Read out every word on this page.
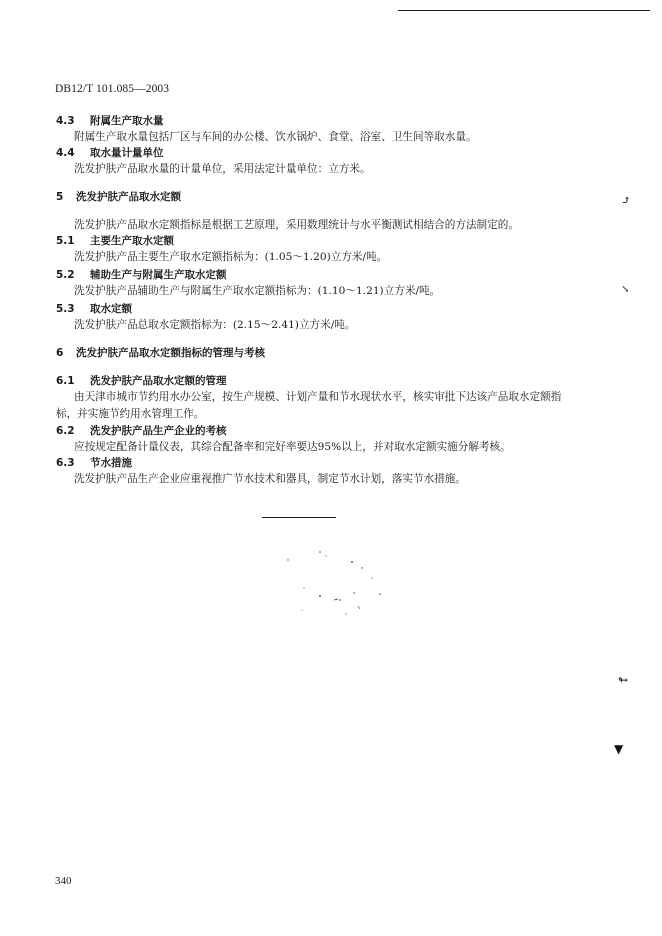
DB12/T 101.085—2003
4.3 附属生产取水量
附属生产取水量包括厂区与车间的办公楼、饮水锅炉、食堂、浴室、卫生间等取水量。
4.4 取水量计量单位
洗发护肤产品取水量的计量单位，采用法定计量单位：立方米。
5 洗发护肤产品取水定额
洗发护肤产品取水定额指标是根据工艺原理，采用数理统计与水平衡测试相结合的方法制定的。
5.1 主要生产取水定额
洗发护肤产品主要生产取水定额指标为：(1.05～1.20)立方米/吨。
5.2 辅助生产与附属生产取水定额
洗发护肤产品辅助生产与附属生产取水定额指标为：(1.10～1.21)立方米/吨。
5.3 取水定额
洗发护肤产品总取水定额指标为：(2.15～2.41)立方米/吨。
6 洗发护肤产品取水定额指标的管理与考核
6.1 洗发护肤产品取水定额的管理
由天津市城市节约用水办公室，按生产规模、计划产量和节水现状水平，核实审批下达该产品取水定额指标，并实施节约用水管理工作。
6.2 洗发护肤产品生产企业的考核
应按规定配备计量仪表，其综合配备率和完好率要达95%以上，并对取水定额实施分解考核。
6.3 节水措施
洗发护肤产品生产企业应重视推广节水技术和器具，制定节水计划，落实节水措施。
⤴
↘
↬
▼
340
